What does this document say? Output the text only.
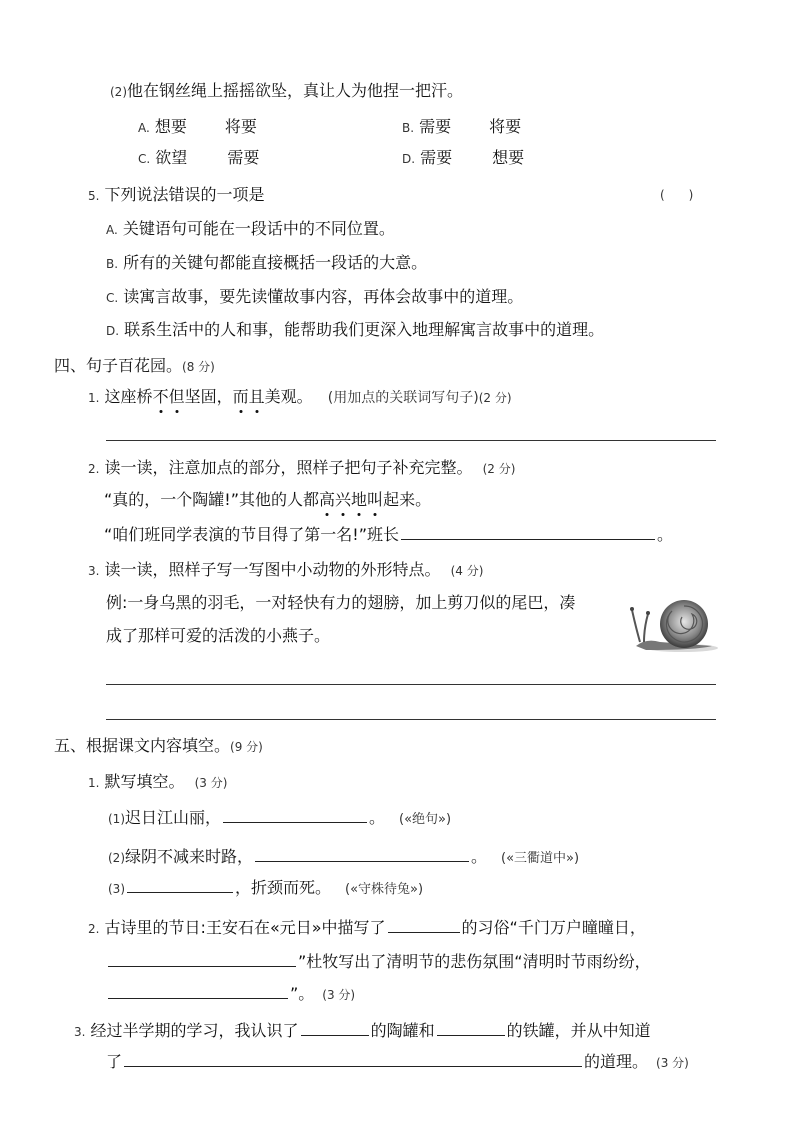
(2)他在钢丝绳上摇摇欲坠，真让人为他捏一把汗。
A. 想要 将要	B. 需要 将要
C. 欲望	需要	D. 需要	想要
5. 下列说法错误的一项是	(　　)
A. 关键语句可能在一段话中的不同位置。
B. 所有的关键句都能直接概括一段话的大意。
C. 读寓言故事，要先读懂故事内容，再体会故事中的道理。
D. 联系生活中的人和事，能帮助我们更深入地理解寓言故事中的道理。
四、句子百花园。(8 分)
1. 这座桥不但坚固，而且美观。 (用加点的关联词写句子)(2 分)
2. 读一读，注意加点的部分，照样子把句子补充完整。 (2 分)
“真的，一个陶罐!”其他的人都高兴地叫起来。
“咱们班同学表演的节目得了第一名!”班长	。
3. 读一读，照样子写一写图中小动物的外形特点。 (4 分)
例:一身乌黑的羽毛，一对轻快有力的翅膀，加上剪刀似的尾巴，凑
成了那样可爱的活泼的小燕子。
五、根据课文内容填空。(9 分)
1. 默写填空。 (3 分)
(1)迟日江山丽，	。 («绝句»)
(2)绿阴不减来时路，	。 («三衢道中»)
(3)	，折颈而死。 («守株待兔»)
2. 古诗里的节日:王安石在«元日»中描写了	的习俗“千门万户曈曈日，
”杜牧写出了清明节的悲伤氛围“清明时节雨纷纷，
”。 (3 分)
3. 经过半学期的学习，我认识了	的陶罐和	的铁罐，并从中知道
了	的道理。 (3 分)
